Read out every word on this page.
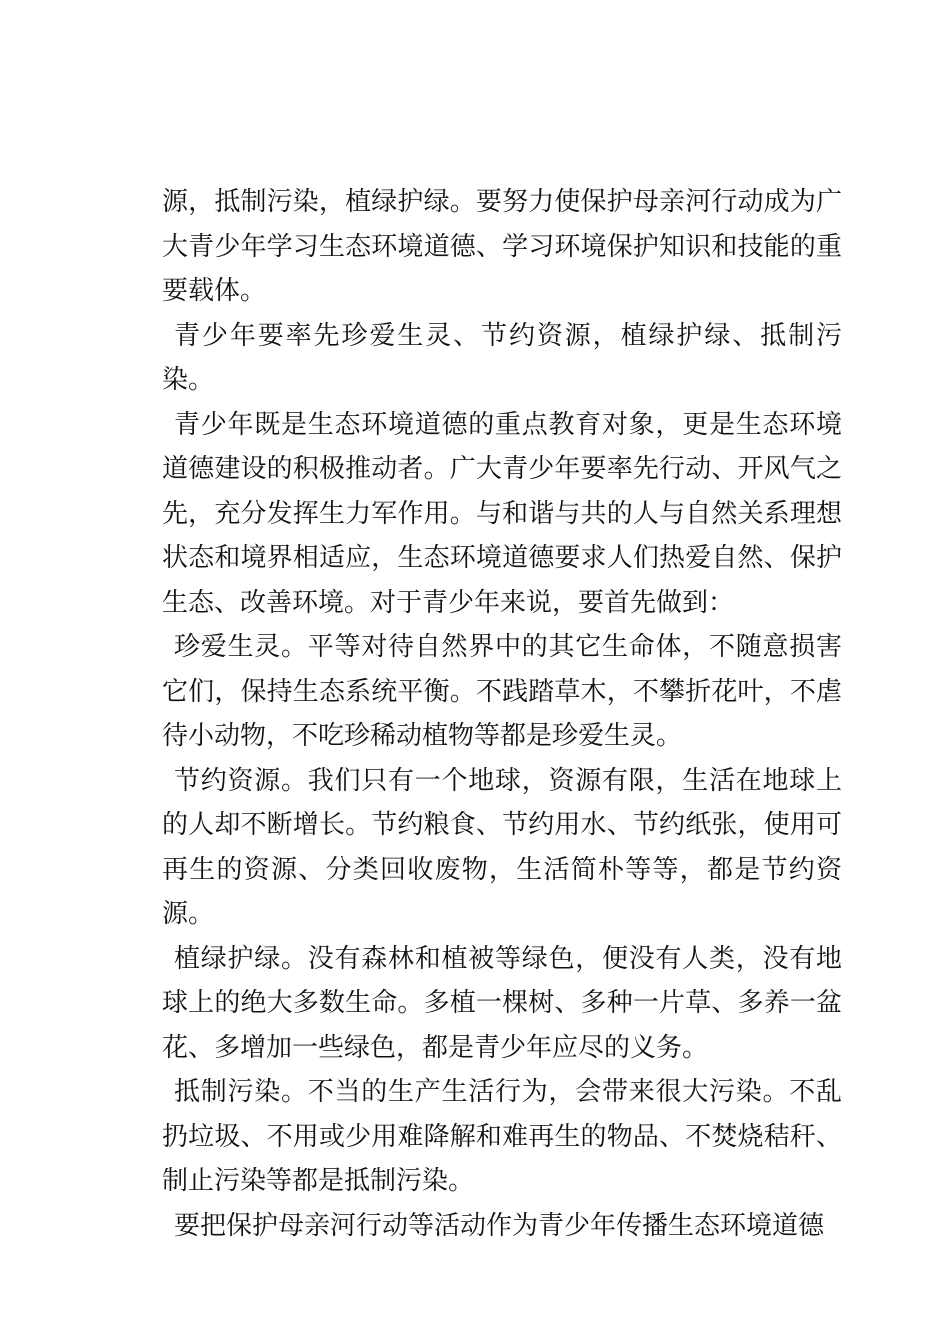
源，抵制污染，植绿护绿。要努力使保护母亲河行动成为广大青少年学习生态环境道德、学习环境保护知识和技能的重要载体。

青少年要率先珍爱生灵、节约资源，植绿护绿、抵制污染。

青少年既是生态环境道德的重点教育对象，更是生态环境道德建设的积极推动者。广大青少年要率先行动、开风气之先，充分发挥生力军作用。与和谐与共的人与自然关系理想状态和境界相适应，生态环境道德要求人们热爱自然、保护生态、改善环境。对于青少年来说，要首先做到：

珍爱生灵。平等对待自然界中的其它生命体，不随意损害它们，保持生态系统平衡。不践踏草木，不攀折花叶，不虐待小动物，不吃珍稀动植物等都是珍爱生灵。

节约资源。我们只有一个地球，资源有限，生活在地球上的人却不断增长。节约粮食、节约用水、节约纸张，使用可再生的资源、分类回收废物，生活简朴等等，都是节约资源。

植绿护绿。没有森林和植被等绿色，便没有人类，没有地球上的绝大多数生命。多植一棵树、多种一片草、多养一盆花、多增加一些绿色，都是青少年应尽的义务。

抵制污染。不当的生产生活行为，会带来很大污染。不乱扔垃圾、不用或少用难降解和难再生的物品、不焚烧秸秆、制止污染等都是抵制污染。

要把保护母亲河行动等活动作为青少年传播生态环境道德
